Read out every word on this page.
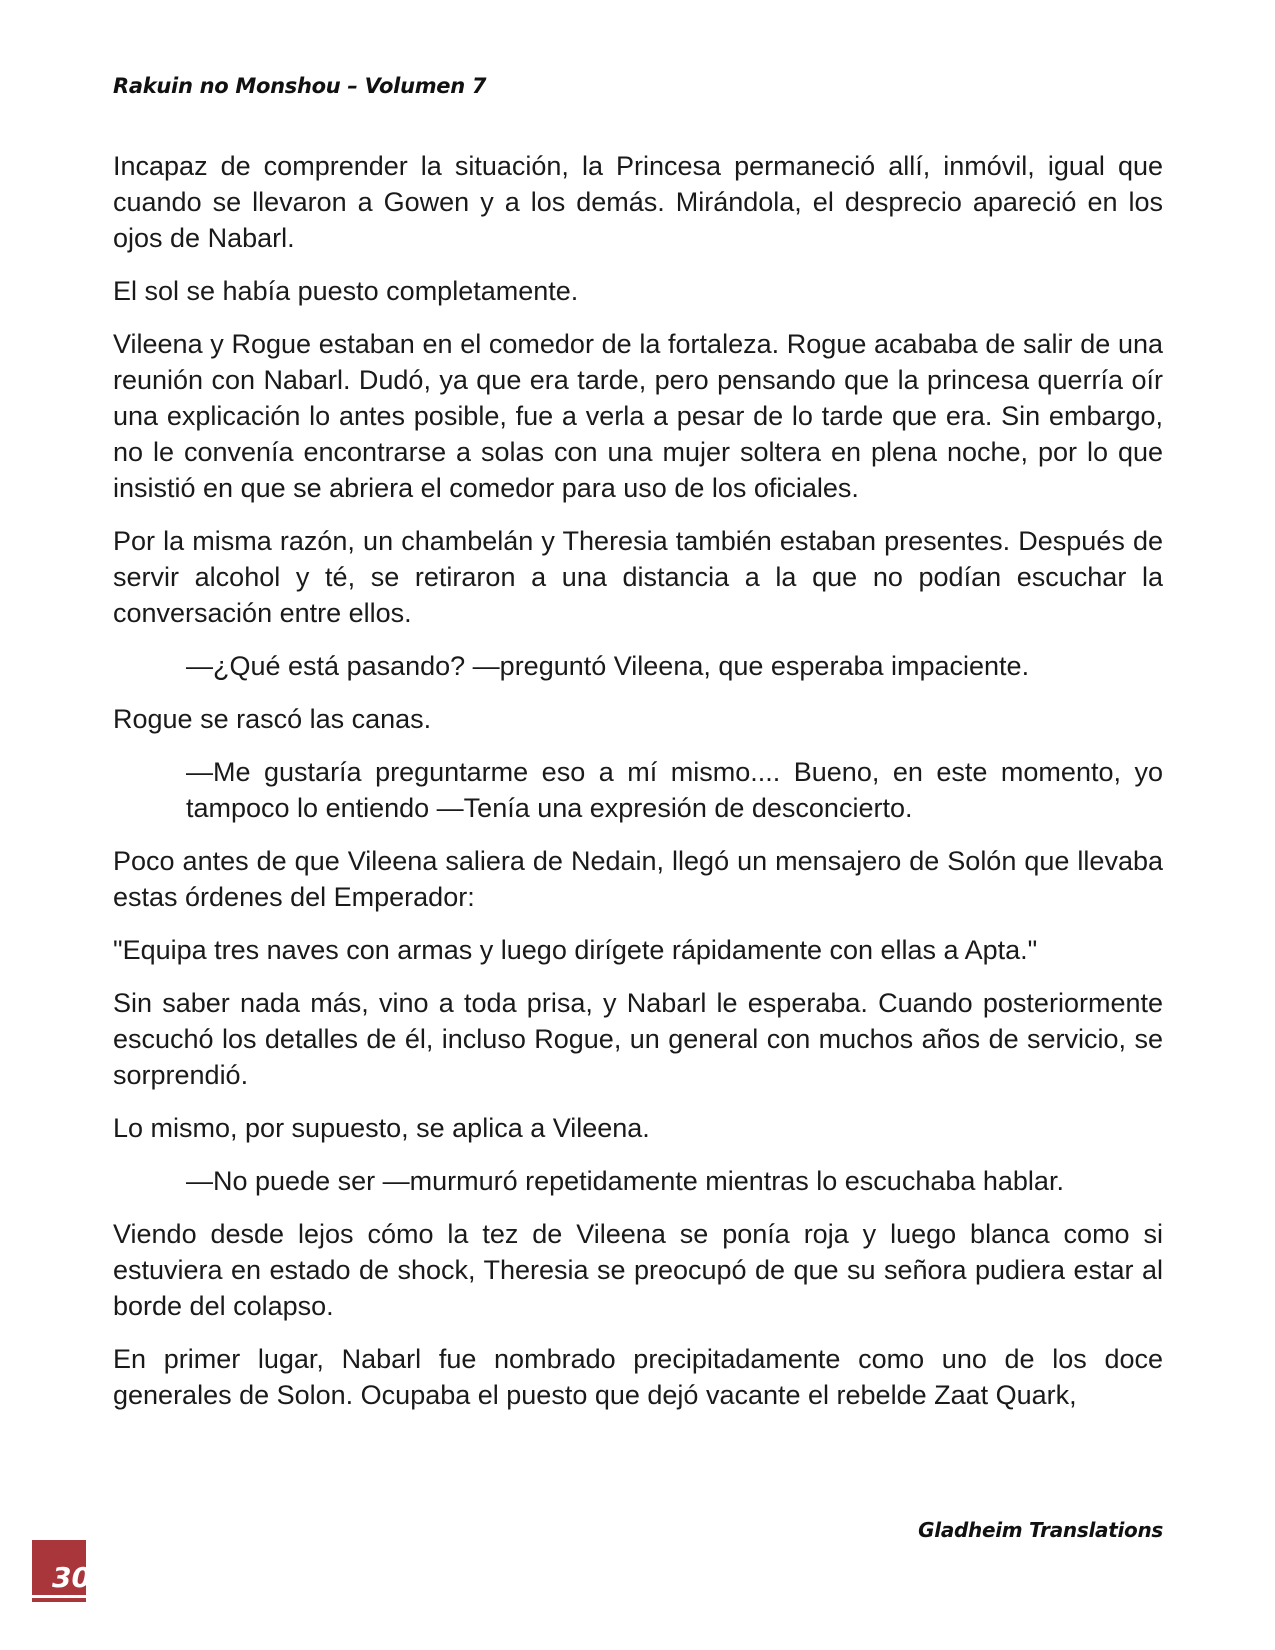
Rakuin no Monshou – Volumen 7

Incapaz de comprender la situación, la Princesa permaneció allí, inmóvil, igual que cuando se llevaron a Gowen y a los demás. Mirándola, el desprecio apareció en los ojos de Nabarl.

El sol se había puesto completamente.

Vileena y Rogue estaban en el comedor de la fortaleza. Rogue acababa de salir de una reunión con Nabarl. Dudó, ya que era tarde, pero pensando que la princesa querría oír una explicación lo antes posible, fue a verla a pesar de lo tarde que era. Sin embargo, no le convenía encontrarse a solas con una mujer soltera en plena noche, por lo que insistió en que se abriera el comedor para uso de los oficiales.

Por la misma razón, un chambelán y Theresia también estaban presentes. Después de servir alcohol y té, se retiraron a una distancia a la que no podían escuchar la conversación entre ellos.

—¿Qué está pasando? —preguntó Vileena, que esperaba impaciente.

Rogue se rascó las canas.

—Me gustaría preguntarme eso a mí mismo.... Bueno, en este momento, yo tampoco lo entiendo —Tenía una expresión de desconcierto.

Poco antes de que Vileena saliera de Nedain, llegó un mensajero de Solón que llevaba estas órdenes del Emperador:

"Equipa tres naves con armas y luego dirígete rápidamente con ellas a Apta."

Sin saber nada más, vino a toda prisa, y Nabarl le esperaba. Cuando posteriormente escuchó los detalles de él, incluso Rogue, un general con muchos años de servicio, se sorprendió.

Lo mismo, por supuesto, se aplica a Vileena.

—No puede ser —murmuró repetidamente mientras lo escuchaba hablar.

Viendo desde lejos cómo la tez de Vileena se ponía roja y luego blanca como si estuviera en estado de shock, Theresia se preocupó de que su señora pudiera estar al borde del colapso.

En primer lugar, Nabarl fue nombrado precipitadamente como uno de los doce generales de Solon. Ocupaba el puesto que dejó vacante el rebelde Zaat Quark,

Gladheim Translations
30
